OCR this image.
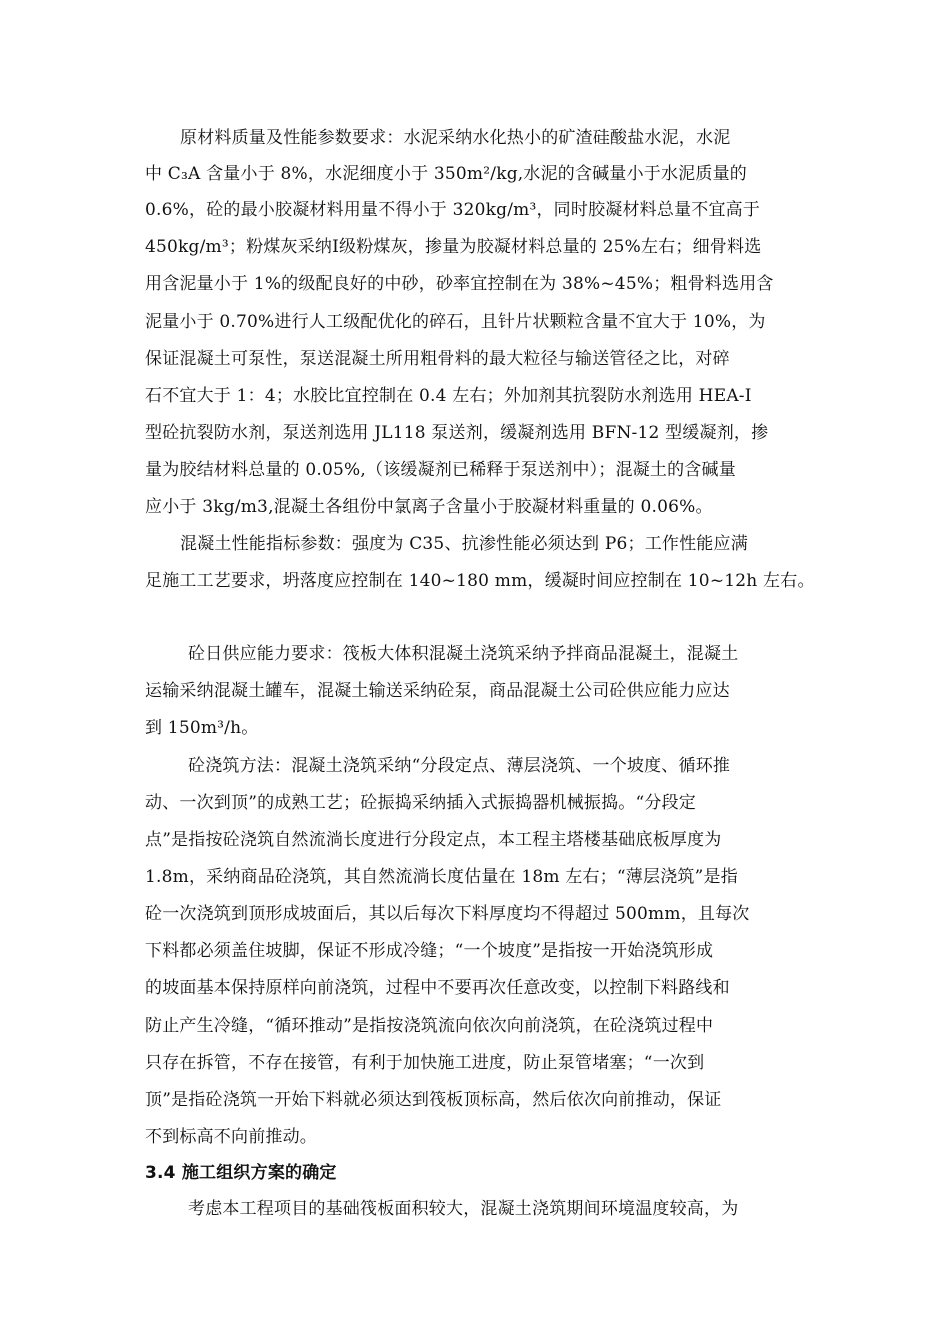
原材料质量及性能参数要求：水泥采纳水化热小的矿渣硅酸盐水泥，水泥
中 C₃A 含量小于 8%，水泥细度小于 350m²/kg,水泥的含碱量小于水泥质量的
0.6%，砼的最小胶凝材料用量不得小于 320kg/m³，同时胶凝材料总量不宜高于
450kg/m³；粉煤灰采纳Ⅰ级粉煤灰，掺量为胶凝材料总量的 25%左右；细骨料选
用含泥量小于 1%的级配良好的中砂，砂率宜控制在为 38%~45%；粗骨料选用含
泥量小于 0.70%进行人工级配优化的碎石，且针片状颗粒含量不宜大于 10%，为
保证混凝土可泵性，泵送混凝土所用粗骨料的最大粒径与输送管径之比，对碎
石不宜大于 1：4；水胶比宜控制在 0.4 左右；外加剂其抗裂防水剂选用 HEA-Ⅰ
型砼抗裂防水剂，泵送剂选用 JL118 泵送剂，缓凝剂选用 BFN-12 型缓凝剂，掺
量为胶结材料总量的 0.05%,（该缓凝剂已稀释于泵送剂中）；混凝土的含碱量
应小于 3kg/m3,混凝土各组份中氯离子含量小于胶凝材料重量的 0.06%。
混凝土性能指标参数：强度为 C35、抗渗性能必须达到 P6；工作性能应满
足施工工艺要求，坍落度应控制在 140~180 mm，缓凝时间应控制在 10~12h 左右。
砼日供应能力要求：筏板大体积混凝土浇筑采纳予拌商品混凝土，混凝土
运输采纳混凝土罐车，混凝土输送采纳砼泵，商品混凝土公司砼供应能力应达
到 150m³/h。
砼浇筑方法：混凝土浇筑采纳“分段定点、薄层浇筑、一个坡度、循环推
动、一次到顶”的成熟工艺；砼振捣采纳插入式振捣器机械振捣。“分段定
点”是指按砼浇筑自然流淌长度进行分段定点，本工程主塔楼基础底板厚度为
1.8m，采纳商品砼浇筑，其自然流淌长度估量在 18m 左右；“薄层浇筑”是指
砼一次浇筑到顶形成坡面后，其以后每次下料厚度均不得超过 500mm，且每次
下料都必须盖住坡脚，保证不形成冷缝；“一个坡度”是指按一开始浇筑形成
的坡面基本保持原样向前浇筑，过程中不要再次任意改变，以控制下料路线和
防止产生冷缝，“循环推动”是指按浇筑流向依次向前浇筑，在砼浇筑过程中
只存在拆管，不存在接管，有利于加快施工进度，防止泵管堵塞；“一次到
顶”是指砼浇筑一开始下料就必须达到筏板顶标高，然后依次向前推动，保证
不到标高不向前推动。
3.4 施工组织方案的确定
考虑本工程项目的基础筏板面积较大，混凝土浇筑期间环境温度较高，为
